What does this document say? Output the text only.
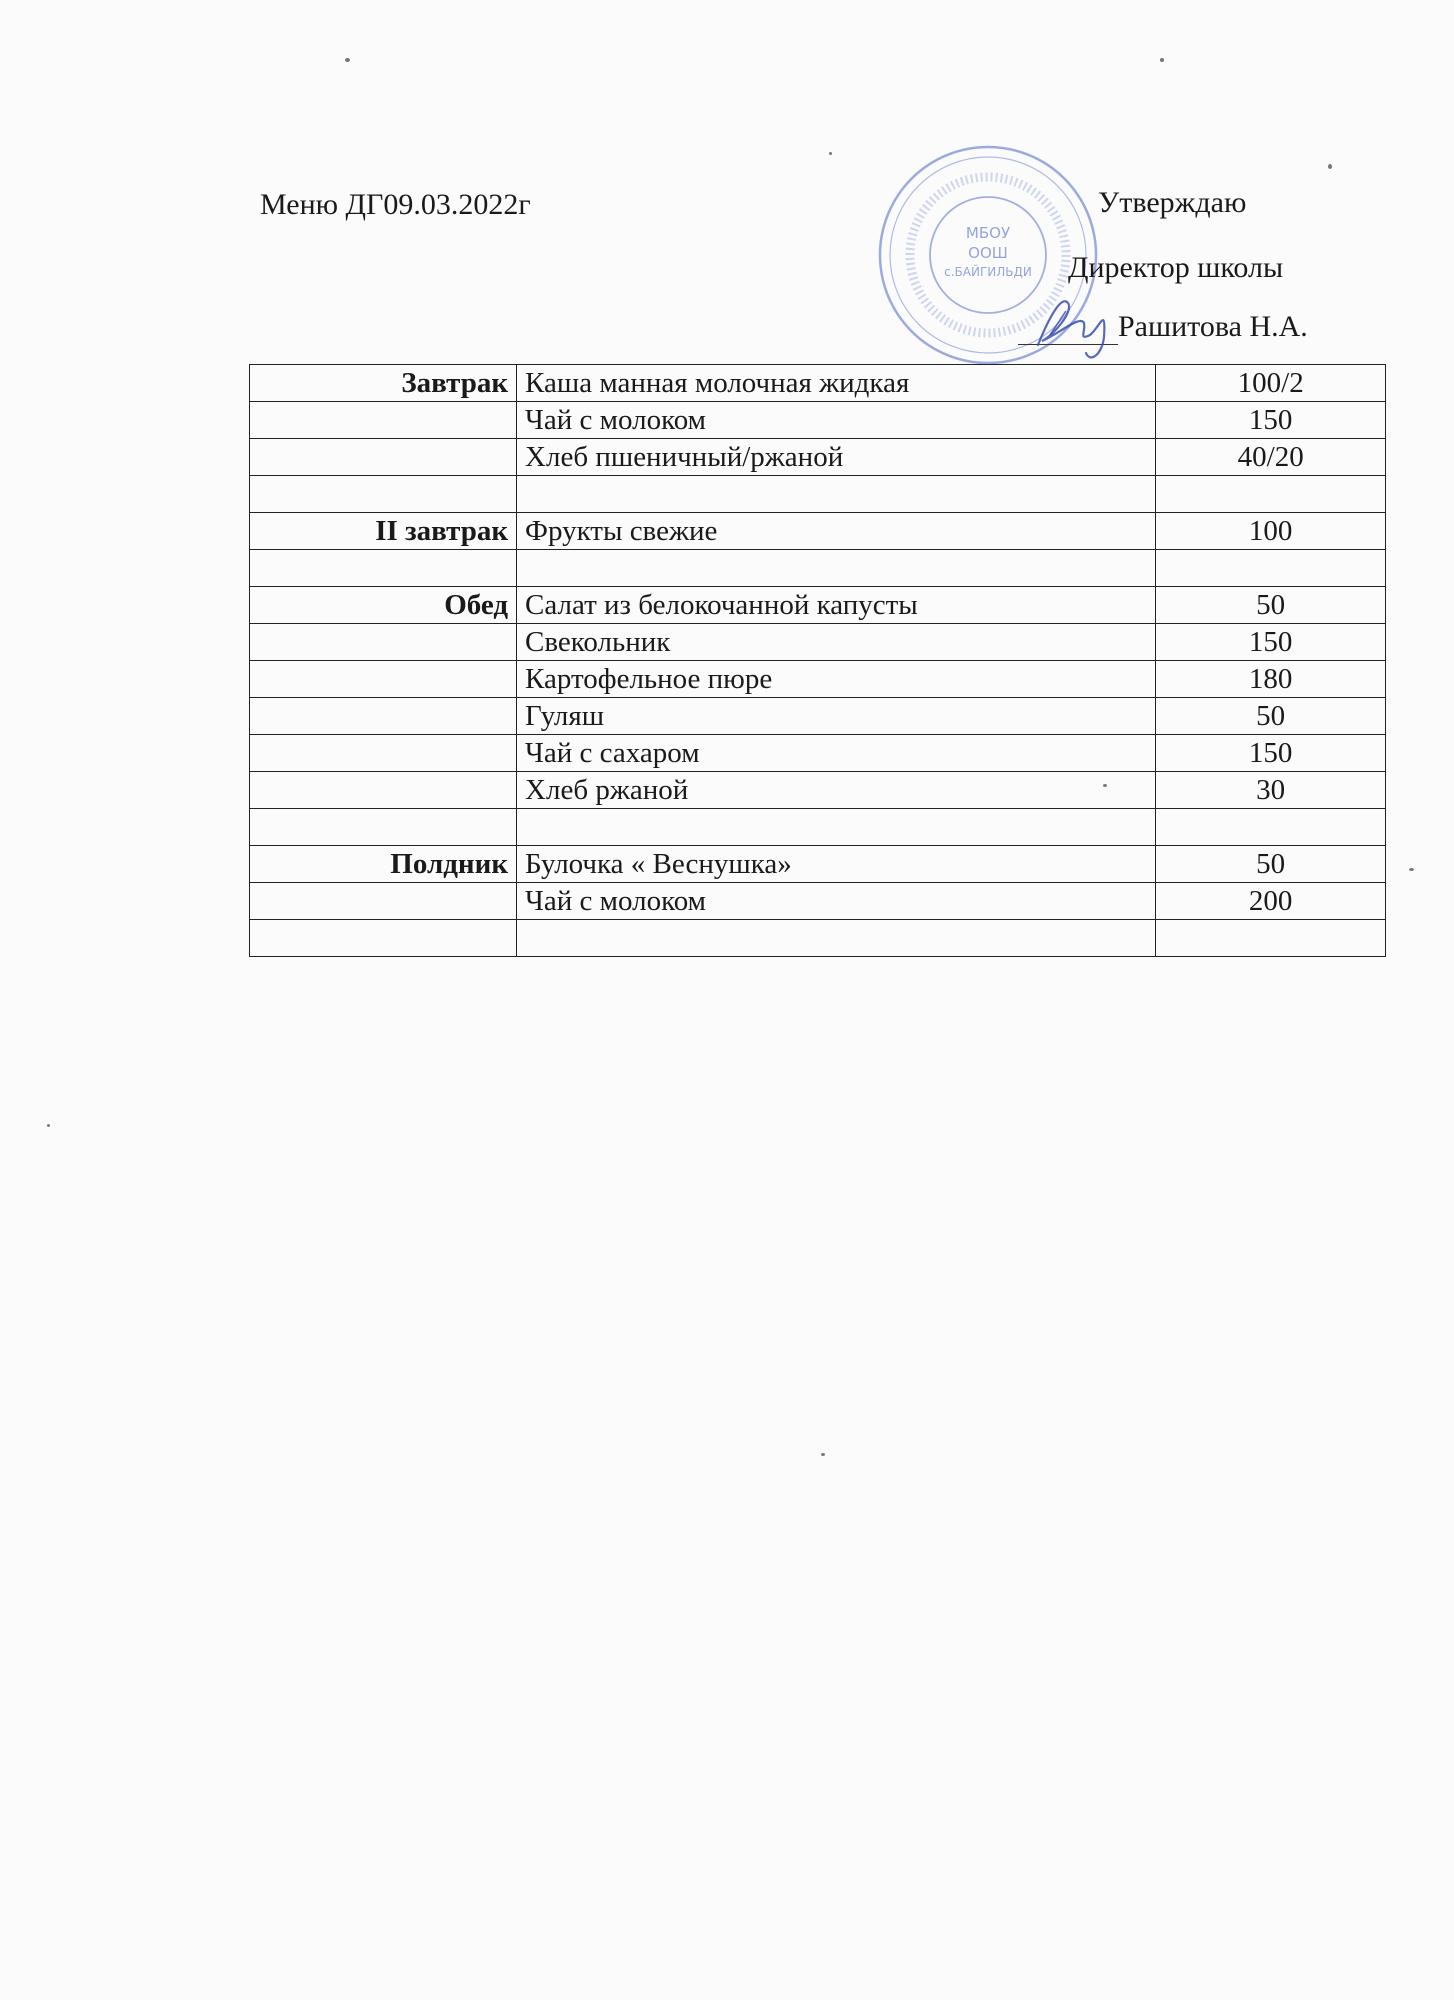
Меню ДГ09.03.2022г
МБОУ
ООШ
с.БАЙГИЛЬДИ
Утверждаю
Директор школы
Рашитова Н.А.
Завтрак	Каша манная молочная жидкая	100/2
	Чай с молоком	150
	Хлеб пшеничный/ржаной	40/20

II завтрак	Фрукты свежие	100

Обед	Салат из белокочанной капусты	50
	Свекольник	150
	Картофельное пюре	180
	Гуляш	50
	Чай с сахаром	150
	Хлеб ржаной	30

Полдник	Булочка « Веснушка»	50
	Чай с молоком	200
